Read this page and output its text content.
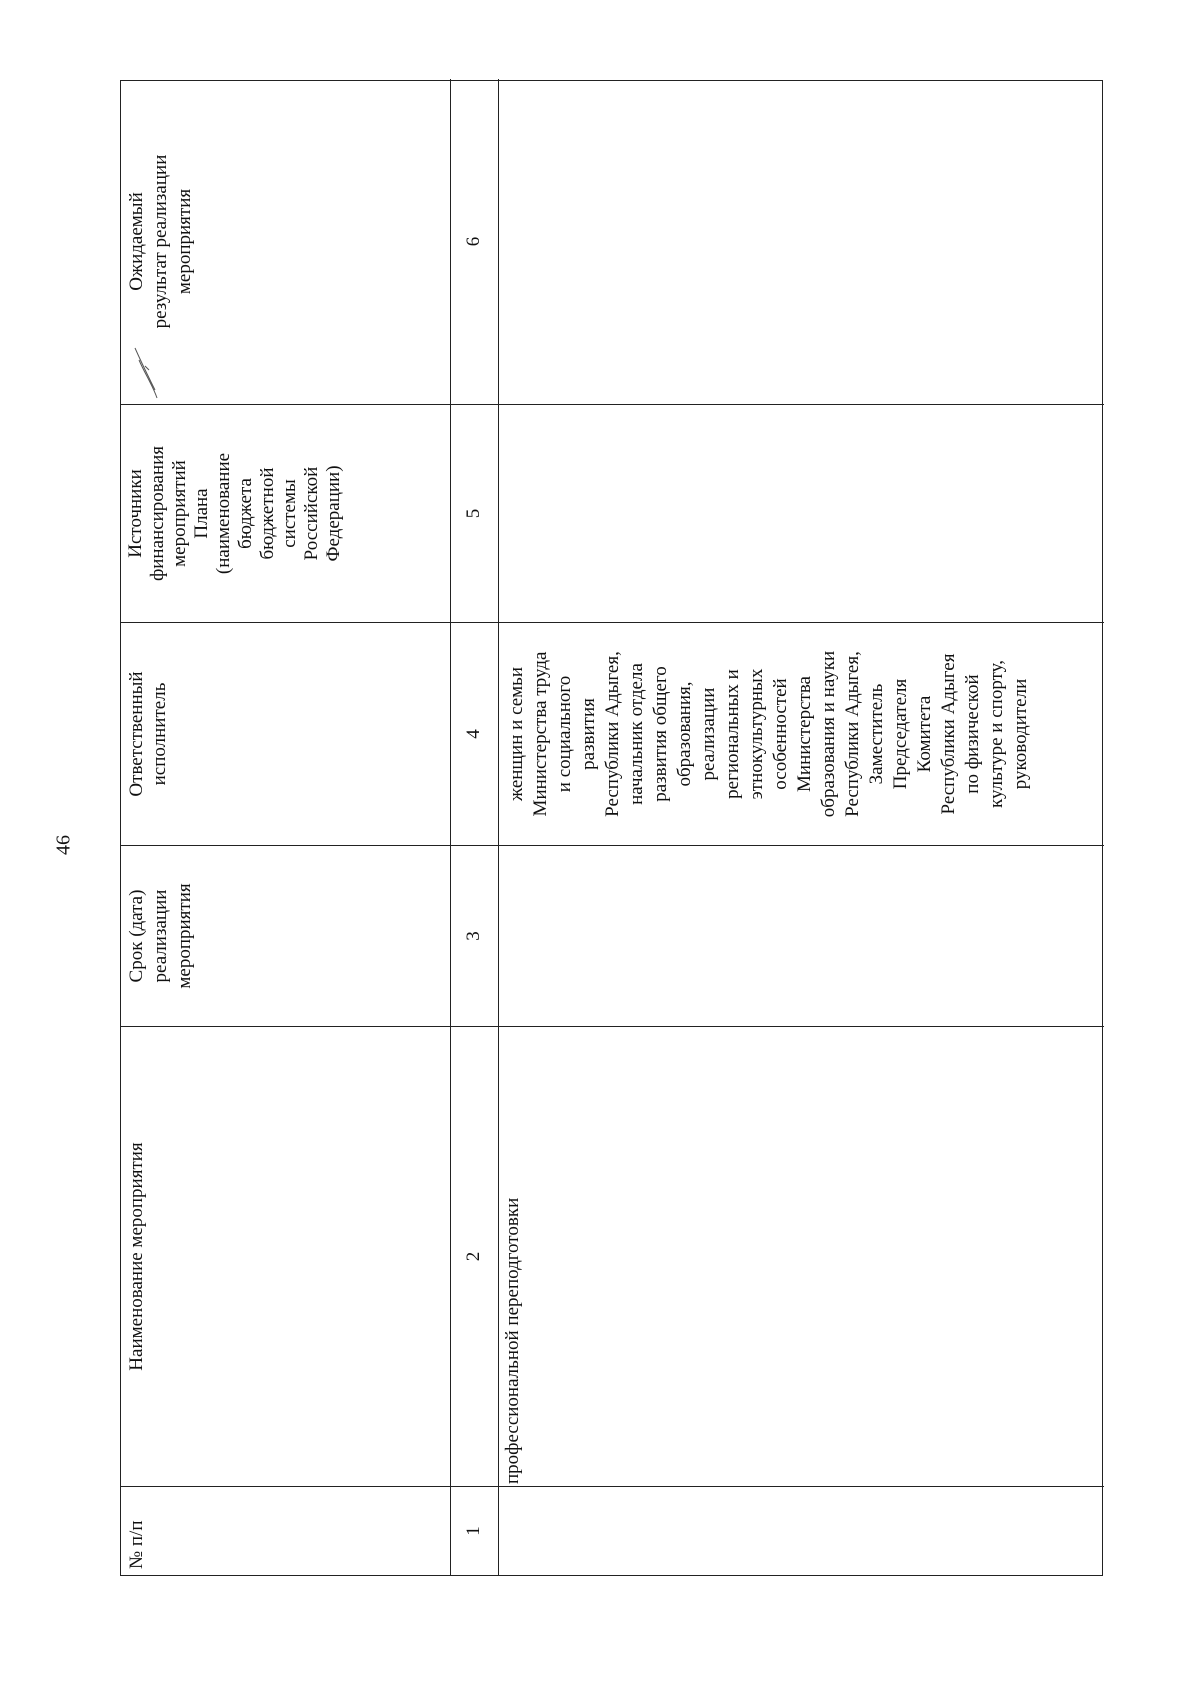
46
№ п/п
Наименование мероприятия
Срок (дата) реализации мероприятия
Ответственный исполнитель
Источники финансирования мероприятий Плана (наименование бюджета бюджетной системы Российской Федерации)
Ожидаемый результат реализации мероприятия
1
2
3
4
5
6
профессиональной переподготовки
женщин и семьи Министерства труда и социального развития Республики Адыгея, начальник отдела развития общего образования, реализации региональных и этнокультурных особенностей Министерства образования и науки Республики Адыгея, Заместитель Председателя Комитета Республики Адыгея по физической культуре и спорту, руководители
